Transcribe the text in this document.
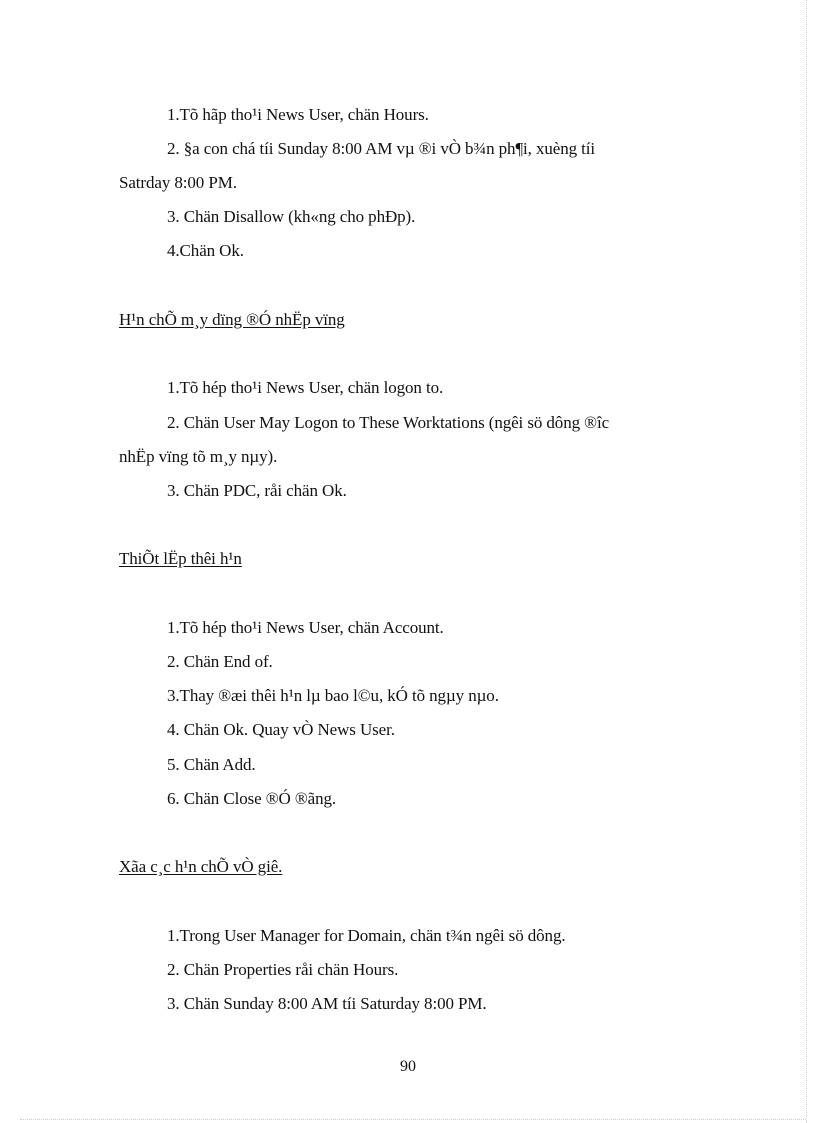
1.Tõ hãp tho¹i News User, chän Hours.
2. §a con chá tíi Sunday 8:00 AM vµ ®i vÒ b¾n ph¶i, xuèng tíi
Satrday 8:00 PM.
3. Chän Disallow (kh«ng cho phÐp).
4.Chän Ok.
H¹n chÕ m¸y dïng ®Ó nhËp vïng
1.Tõ hép tho¹i News User, chän logon to.
2. Chän User May Logon to These Worktations (ngêi sö dông ®îc
nhËp vïng tõ m¸y nµy).
3. Chän PDC, råi chän Ok.
ThiÕt lËp thêi h¹n
1.Tõ hép tho¹i News User, chän Account.
2. Chän End of.
3.Thay ®æi thêi h¹n lµ bao l©u, kÓ tõ ngµy nµo.
4. Chän Ok. Quay vÒ News User.
5. Chän Add.
6. Chän Close ®Ó ®ãng.
Xãa c¸c h¹n chÕ vÒ giê.
1.Trong User Manager for Domain, chän t¾n ngêi sö dông.
2. Chän Properties råi chän Hours.
3. Chän Sunday 8:00 AM tíi Saturday 8:00 PM.
90
